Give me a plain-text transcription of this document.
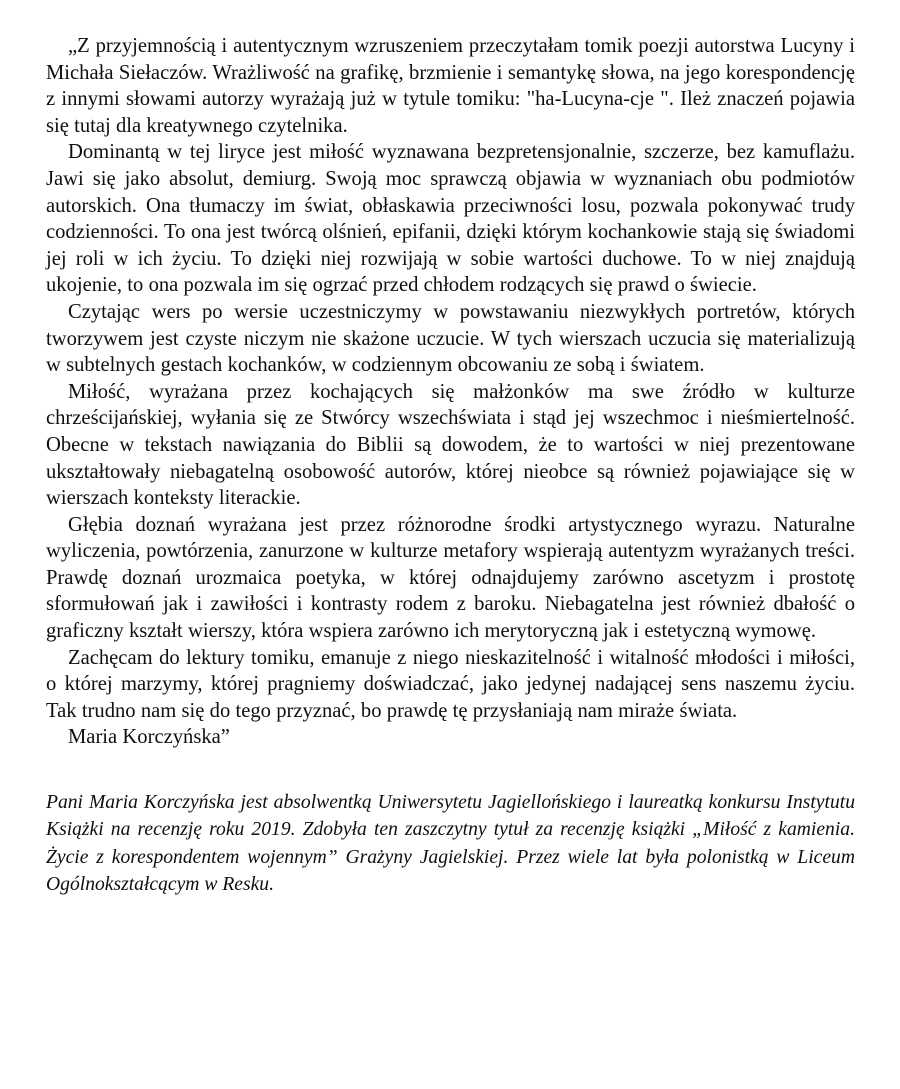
„Z przyjemnością i autentycznym wzruszeniem przeczytałam tomik poezji autorstwa Lucyny i Michała Siełaczów. Wrażliwość na grafikę, brzmienie i semantykę słowa, na jego korespondencję z innymi słowami autorzy wyrażają już w tytule tomiku: "ha-Lucyna-cje ". Ileż znaczeń pojawia się tutaj dla kreatywnego czytelnika.

Dominantą w tej liryce jest miłość wyznawana bezpretensjonalnie, szczerze, bez kamuflażu. Jawi się jako absolut, demiurg. Swoją moc sprawczą objawia w wyznaniach obu podmiotów autorskich. Ona tłumaczy im świat, obłaskawia przeciwności losu, pozwala pokonywać trudy codzienności. To ona jest twórcą olśnień, epifanii, dzięki którym kochankowie stają się świadomi jej roli w ich życiu. To dzięki niej rozwijają w sobie wartości duchowe. To w niej znajdują ukojenie, to ona pozwala im się ogrzać przed chłodem rodzących się prawd o świecie.

Czytając wers po wersie uczestniczymy w powstawaniu niezwykłych portretów, których tworzywem jest czyste niczym nie skażone uczucie. W tych wierszach uczucia się materializują w subtelnych gestach kochanków, w codziennym obcowaniu ze sobą i światem.

Miłość, wyrażana przez kochających się małżonków ma swe źródło w kulturze chrześcijańskiej, wyłania się ze Stwórcy wszechświata i stąd jej wszechmoc i nieśmiertelność. Obecne w tekstach nawiązania do Biblii są dowodem, że to wartości w niej prezentowane ukształtowały niebagatelną osobowość autorów, której nieobce są również pojawiające się w wierszach konteksty literackie.

Głębia doznań wyrażana jest przez różnorodne środki artystycznego wyrazu. Naturalne wyliczenia, powtórzenia, zanurzone w kulturze metafory wspierają autentyzm wyrażanych treści. Prawdę doznań urozmaica poetyka, w której odnajdujemy zarówno ascetyzm i prostotę sformułowań jak i zawiłości i kontrasty rodem z baroku. Niebagatelna jest również dbałość o graficzny kształt wierszy, która wspiera zarówno ich merytoryczną jak i estetyczną wymowę.

Zachęcam do lektury tomiku, emanuje z niego nieskazitelność i witalność młodości i miłości, o której marzymy, której pragniemy doświadczać, jako jedynej nadającej sens naszemu życiu. Tak trudno nam się do tego przyznać, bo prawdę tę przysłaniają nam miraże świata.

Maria Korczyńska”

Pani Maria Korczyńska jest absolwentką Uniwersytetu Jagiellońskiego i laureatką konkursu Instytutu Książki na recenzję roku 2019. Zdobyła ten zaszczytny tytuł za recenzję książki „Miłość z kamienia. Życie z korespondentem wojennym” Grażyny Jagielskiej. Przez wiele lat była polonistką w Liceum Ogólnokształcącym w Resku.
